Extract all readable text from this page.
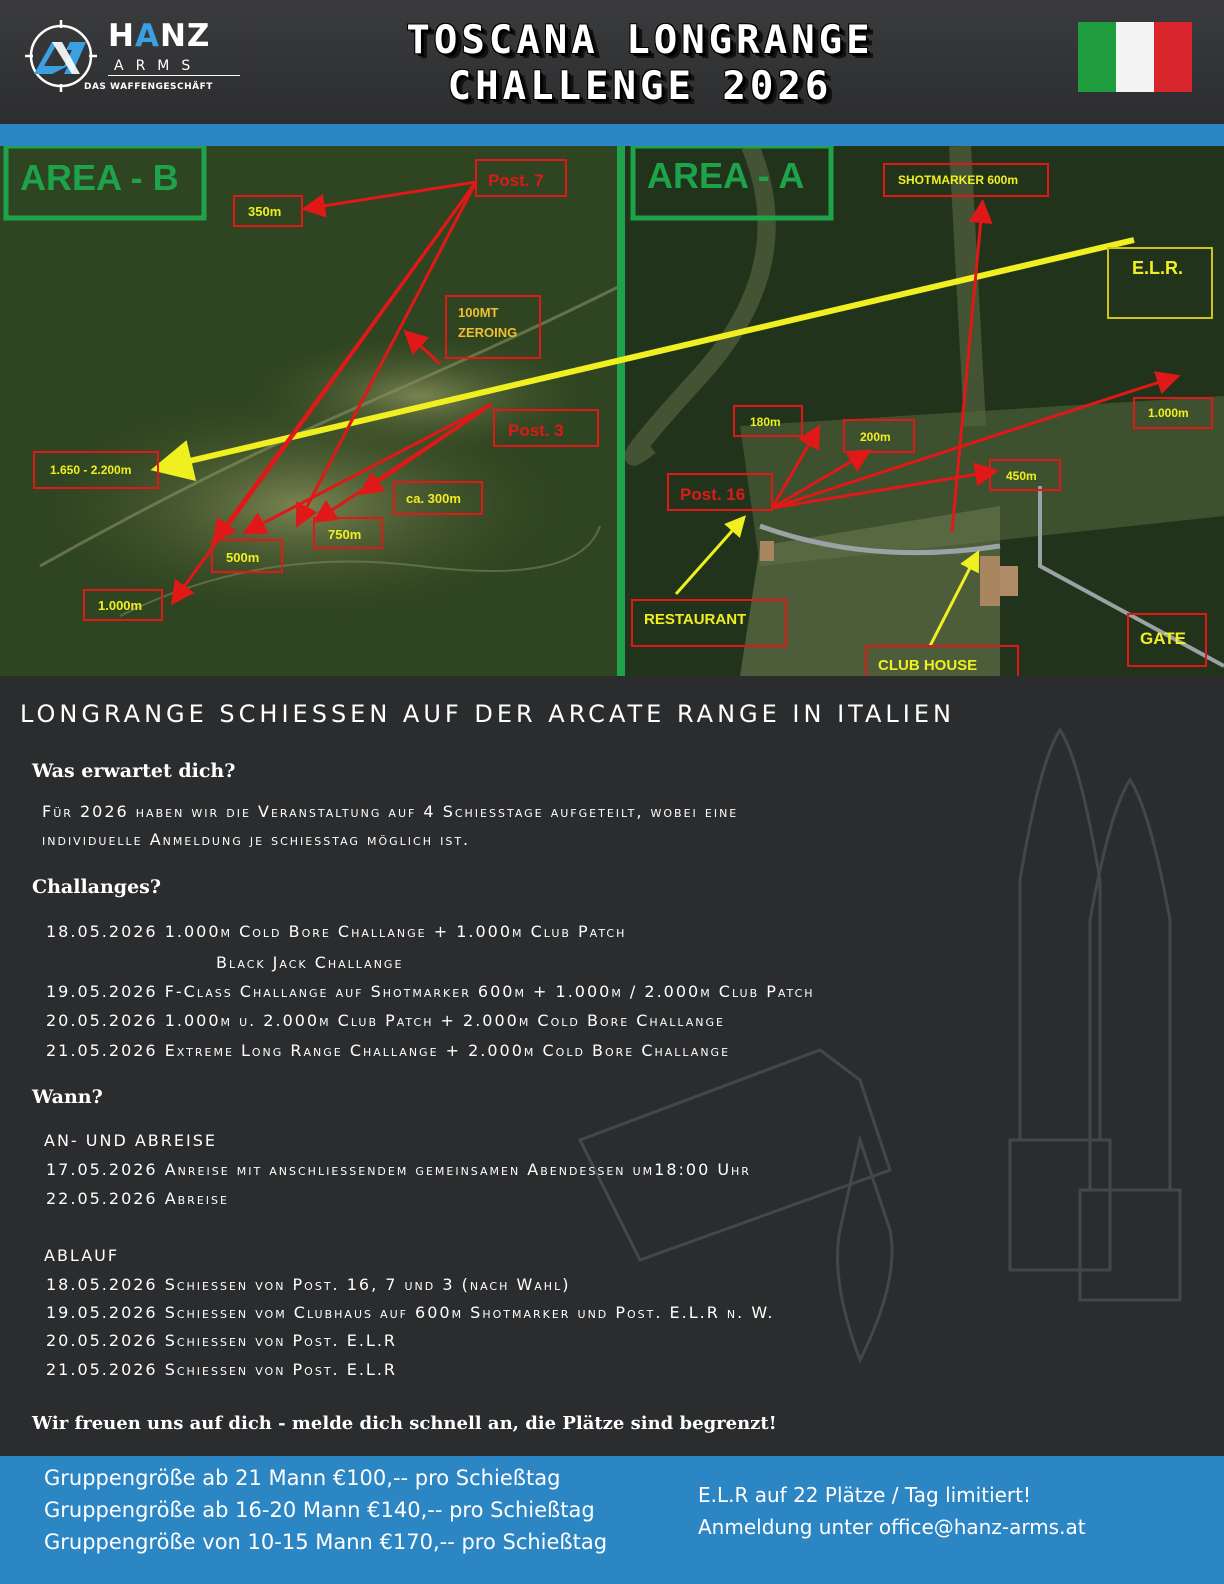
HANZ
ARMS
DAS WAFFENGESCHÄFT
TOSCANA LONGRANGE
CHALLENGE 2026
AREA - B	AREA - A
Post. 7
350m
100MT
ZEROING
Post. 3
1.650 - 2.200m
ca. 300m
750m
500m
1.000m
SHOTMARKER 600m
E.L.R.
1.000m
180m
200m
Post. 16
450m
RESTAURANT
CLUB HOUSE
GATE
LONGRANGE SCHIESSEN AUF DER ARCATE RANGE IN ITALIEN
Was erwartet dich?
Für 2026 haben wir die Veranstaltung auf 4 Schiesstage aufgeteilt, wobei eine
individuelle Anmeldung je schiesstag möglich ist.
Challanges?
18.05.2026 1.000m Cold Bore Challange + 1.000m Club Patch
Black Jack Challange
19.05.2026 F-Class Challange auf Shotmarker 600m + 1.000m / 2.000m Club Patch
20.05.2026 1.000m u. 2.000m Club Patch + 2.000m Cold Bore Challange
21.05.2026 Extreme Long Range Challange + 2.000m Cold Bore Challange
Wann?
AN- UND ABREISE
17.05.2026 Anreise mit anschliessendem gemeinsamen Abendessen um18:00 Uhr
22.05.2026 Abreise
ABLAUF
18.05.2026 Schiessen von Post. 16, 7 und 3 (nach Wahl)
19.05.2026 Schiessen vom Clubhaus auf 600m Shotmarker und Post. E.L.R n. W.
20.05.2026 Schiessen von Post. E.L.R
21.05.2026 Schiessen von Post. E.L.R
Wir freuen uns auf dich - melde dich schnell an, die Plätze sind begrenzt!
Gruppengröße ab 21 Mann €100,-- pro Schießtag
Gruppengröße ab 16-20 Mann €140,-- pro Schießtag
Gruppengröße von 10-15 Mann €170,-- pro Schießtag
E.L.R auf 22 Plätze / Tag limitiert!
Anmeldung unter office@hanz-arms.at
